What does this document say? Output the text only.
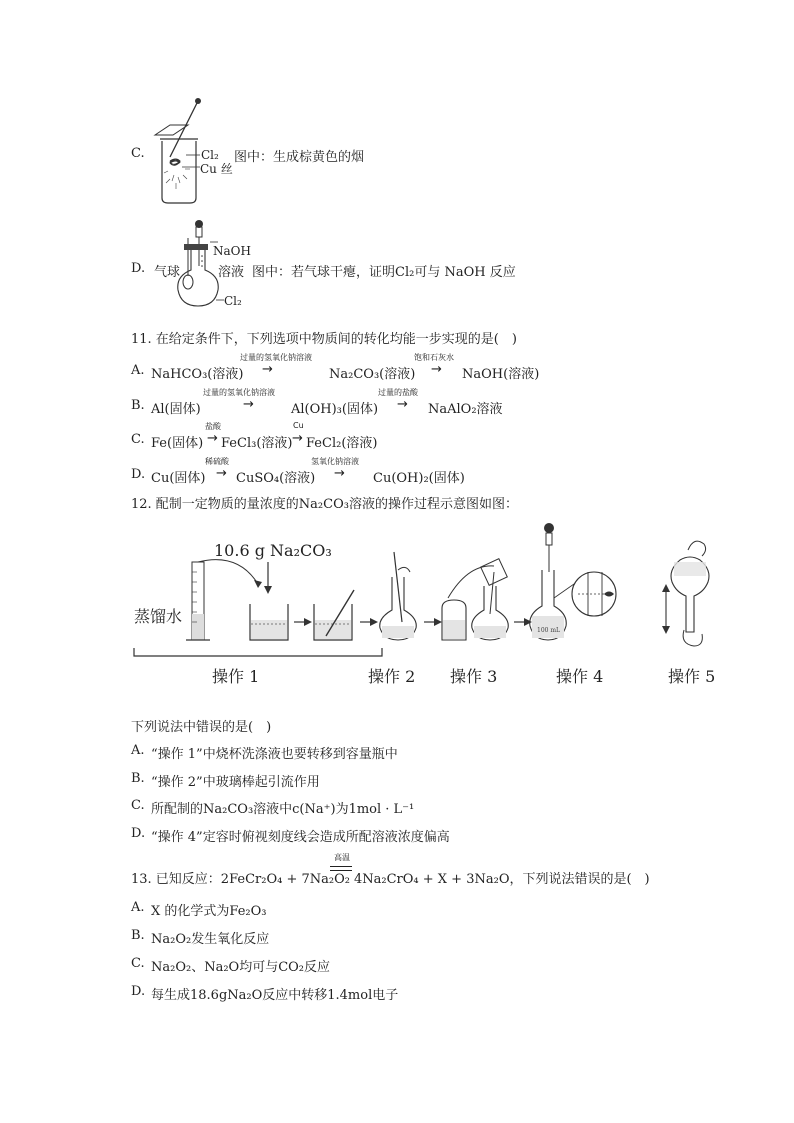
C.	Cl₂
Cu 丝
图中：生成棕黄色的烟
D. 气球
NaOH
Cl₂
溶液 图中：若气球干瘪，证明Cl₂可与 NaOH 反应
11. 在给定条件下，下列选项中物质间的转化均能一步实现的是(　)
A. NaHCO₃(溶液)
过量的氢氧化钠溶液
→	Na₂CO₃(溶液)
饱和石灰水
→ NaOH(溶液)
B. Al(固体)
过量的氢氧化钠溶液
→	Al(OH)₃(固体)
过量的盐酸
→ NaAlO₂溶液
C. Fe(固体)
盐酸
→ FeCl₃(溶液)
Cu
→ FeCl₂(溶液)
D. Cu(固体)
稀硫酸
→ CuSO₄(溶液)
氢氧化钠溶液
→ Cu(OH)₂(固体)
12. 配制一定物质的量浓度的Na₂CO₃溶液的操作过程示意图如图：
10.6 g Na₂CO₃
蒸馏水
操作 1	操作 2 操作 3
100 mL
操作 4	操作 5
下列说法中错误的是(　)
A. “操作 1”中烧杯洗涤液也要转移到容量瓶中
B. “操作 2”中玻璃棒起引流作用
C. 所配制的Na₂CO₃溶液中c(Na⁺)为1mol · L⁻¹
D. “操作 4”定容时俯视刻度线会造成所配溶液浓度偏高
13. 已知反应：2FeCr₂O₄ + 7Na₂O₂
高温
4Na₂CrO₄ + X + 3Na₂O，下列说法错误的是(　)
A. X 的化学式为Fe₂O₃
B. Na₂O₂发生氧化反应
C. Na₂O₂、Na₂O均可与CO₂反应
D. 每生成18.6gNa₂O反应中转移1.4mol电子
